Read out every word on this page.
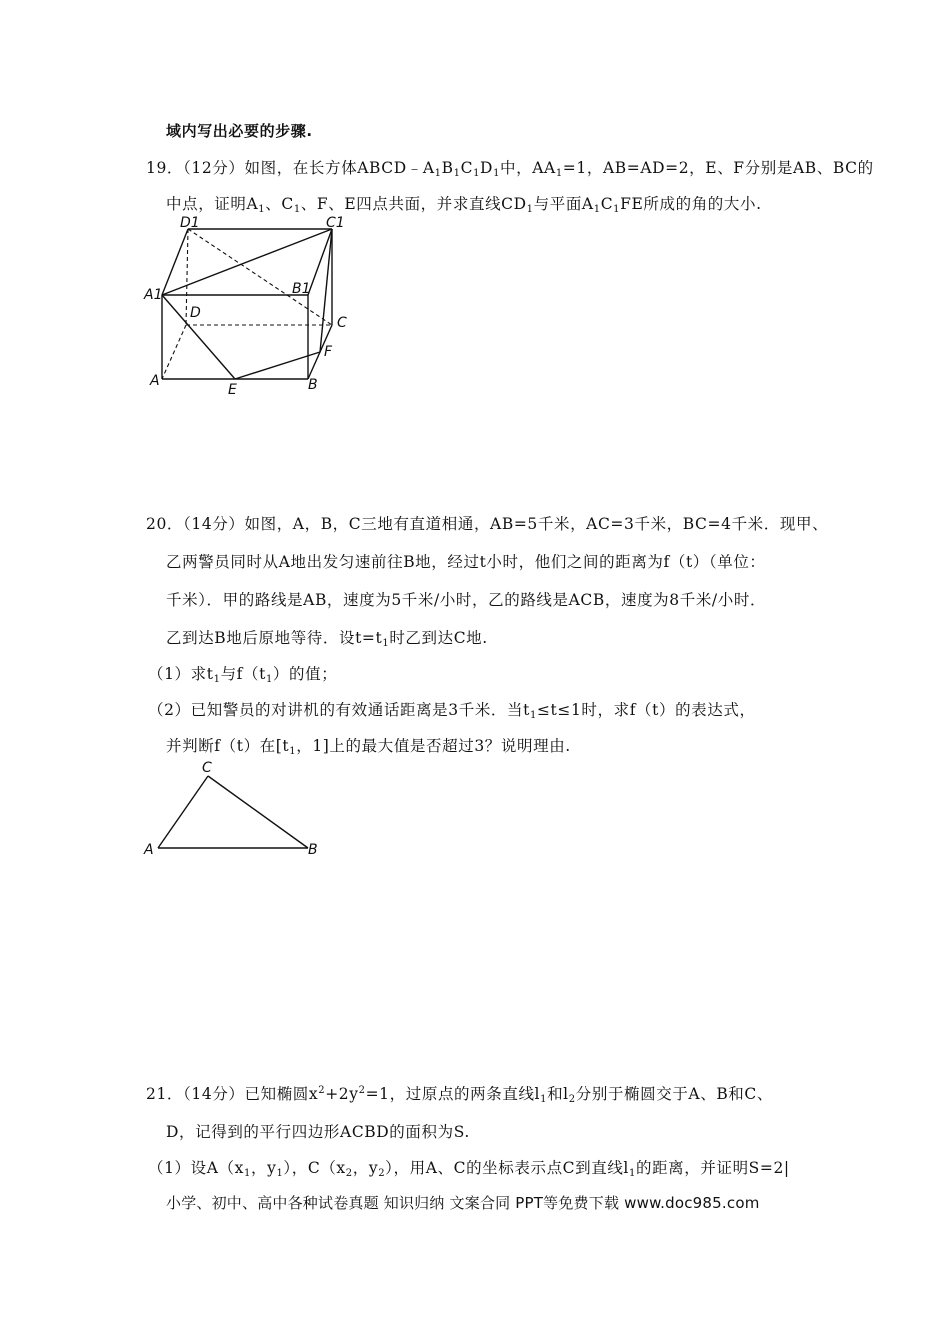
域内写出必要的步骤.
19．（12分）如图，在长方体$ABCD﹣A_1B_1C_1D_1$中，$AA_1=1$，AB=AD=2，E、F分别是AB、BC的
中点，证明$A_1$、$C_1$、F、E四点共面，并求直线$CD_1$与平面$A_1C_1FE$所成的角的大小.
D1	C1
A1	B1
D
C
F
A
E	B
20．（14分）如图，A，B，C三地有直道相通，AB=5千米，AC=3千米，BC=4千米．现甲、
乙两警员同时从A地出发匀速前往B地，经过t小时，他们之间的距离为f（t）（单位：
千米）．甲的路线是AB，速度为5千米/小时，乙的路线是ACB，速度为8千米/小时．
乙到达B地后原地等待．设$t=t_1$时乙到达C地.
（1）求$t_1$与$f(t_1)$的值；
（2）已知警员的对讲机的有效通话距离是3千米．当$t_1\le t\le 1$时，求f（t）的表达式，
并判断f（t）在[$t_1$，1]上的最大值是否超过3？说明理由.
C
A	B
21．（14分）已知椭圆$x^2+2y^2=1$，过原点的两条直线$l_1$和$l_2$分别于椭圆交于A、B和C、
D，记得到的平行四边形ACBD的面积为S.
（1）设$A(x_1$，$y_1$），$C(x_2$，$y_2$），用A、C的坐标表示点C到直线$l_1$的距离，并证明S=2|
小学、初中、高中各种试卷真题 知识归纳 文案合同 PPT等免费下载 www.doc985.com
